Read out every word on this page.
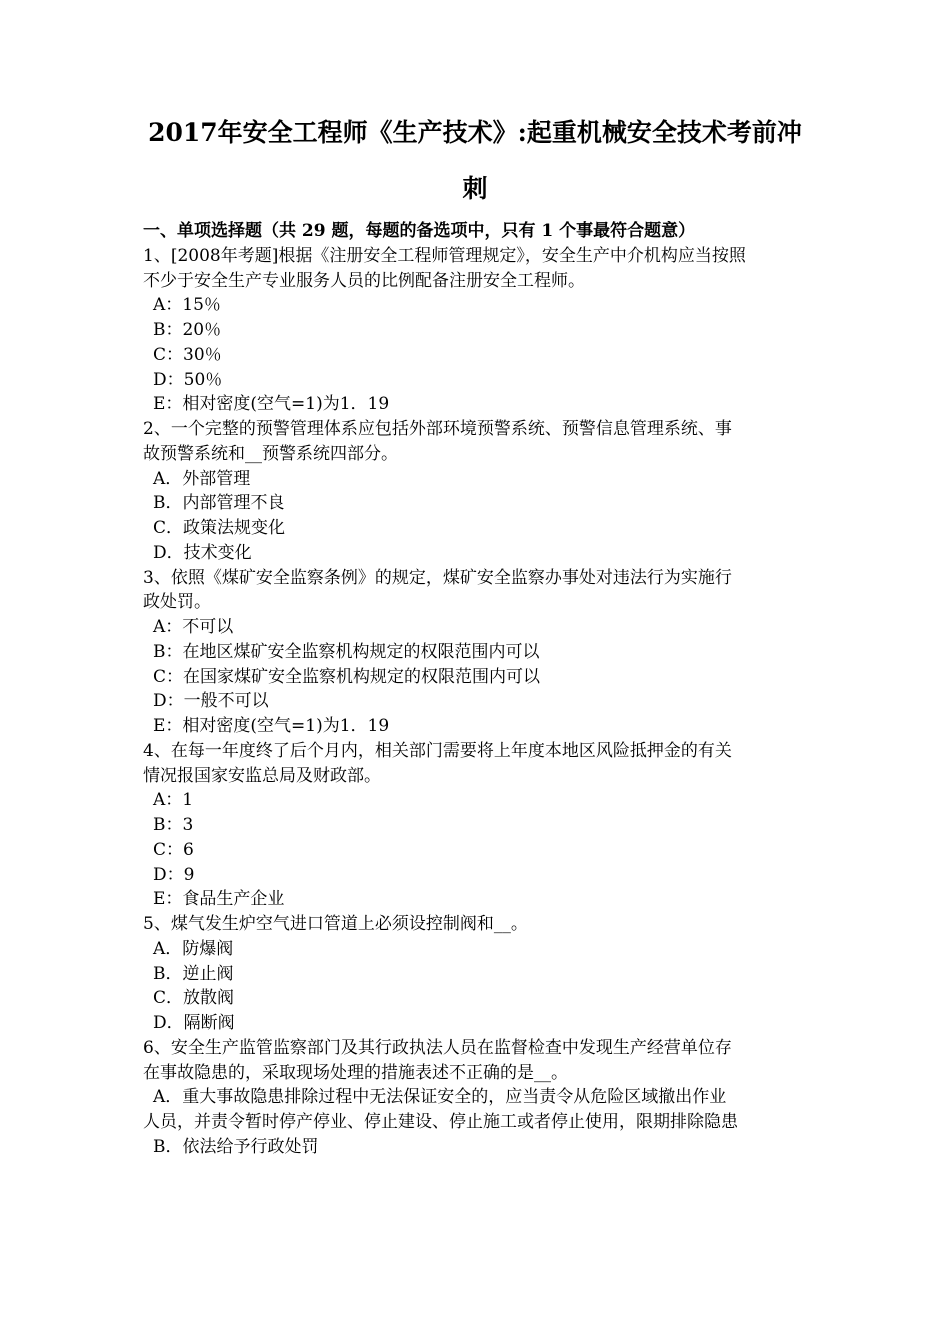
2017年安全工程师《生产技术》:起重机械安全技术考前冲
刺
一、单项选择题（共 29 题，每题的备选项中，只有 1 个事最符合题意）
1、[2008年考题]根据《注册安全工程师管理规定》，安全生产中介机构应当按照
不少于安全生产专业服务人员的比例配备注册安全工程师。
A：15％
B：20％
C：30％
D：50％
E：相对密度(空气=1)为1．19
2、一个完整的预警管理体系应包括外部环境预警系统、预警信息管理系统、事
故预警系统和__预警系统四部分。
A．外部管理
B．内部管理不良
C．政策法规变化
D．技术变化
3、依照《煤矿安全监察条例》的规定，煤矿安全监察办事处对违法行为实施行
政处罚。
A：不可以
B：在地区煤矿安全监察机构规定的权限范围内可以
C：在国家煤矿安全监察机构规定的权限范围内可以
D：一般不可以
E：相对密度(空气=1)为1．19
4、在每一年度终了后个月内，相关部门需要将上年度本地区风险抵押金的有关
情况报国家安监总局及财政部。
A：1
B：3
C：6
D：9
E：食品生产企业
5、煤气发生炉空气进口管道上必须设控制阀和__。
A．防爆阀
B．逆止阀
C．放散阀
D．隔断阀
6、安全生产监管监察部门及其行政执法人员在监督检查中发现生产经营单位存
在事故隐患的，采取现场处理的措施表述不正确的是__。
A．重大事故隐患排除过程中无法保证安全的，应当责令从危险区域撤出作业
人员，并责令暂时停产停业、停止建设、停止施工或者停止使用，限期排除隐患
B．依法给予行政处罚
